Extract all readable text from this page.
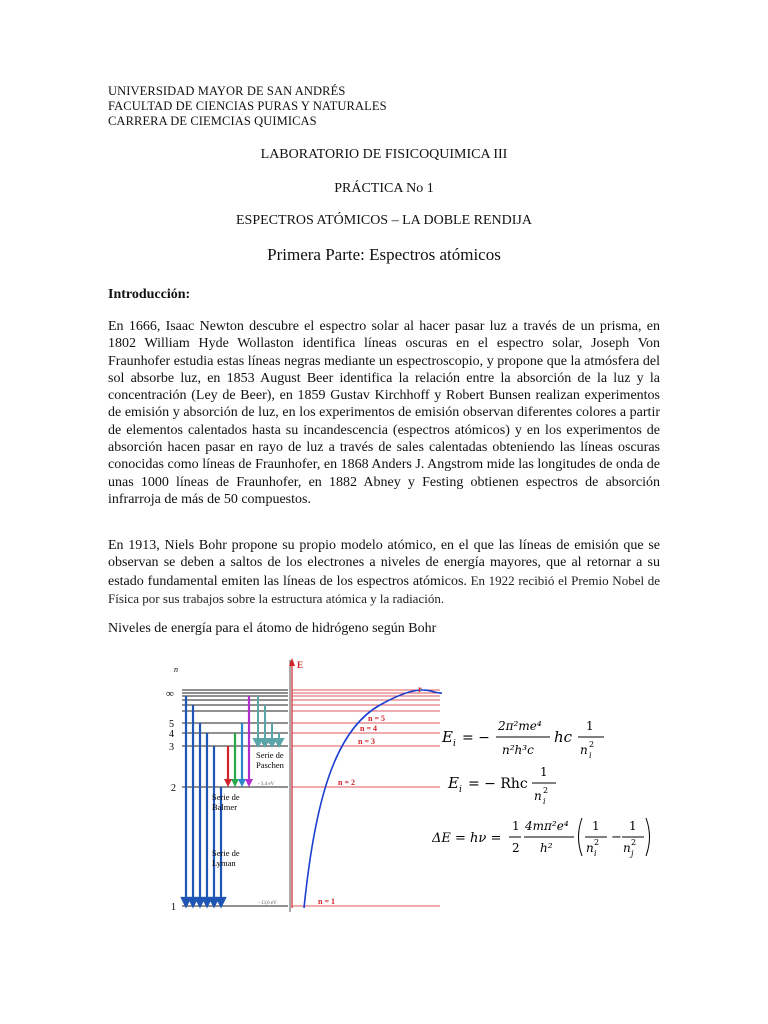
UNIVERSIDAD MAYOR DE SAN ANDRÉS
FACULTAD DE CIENCIAS PURAS Y NATURALES
CARRERA DE CIEMCIAS QUIMICAS
LABORATORIO DE FISICOQUIMICA III
PRÁCTICA No 1
ESPECTROS ATÓMICOS – LA DOBLE RENDIJA
Primera Parte: Espectros atómicos
Introducción:
En 1666, Isaac Newton descubre el espectro solar al hacer pasar luz a través de un prisma, en 1802 William Hyde Wollaston identifica líneas oscuras en el espectro solar, Joseph Von Fraunhofer estudia estas líneas negras mediante un espectroscopio, y propone que la atmósfera del sol absorbe luz, en 1853 August Beer identifica la relación entre la absorción de la luz y la concentración (Ley de Beer), en 1859 Gustav Kirchhoff y Robert Bunsen realizan experimentos de emisión y absorción de luz, en los experimentos de emisión observan diferentes colores a partir de elementos calentados hasta su incandescencia (espectros atómicos) y en los experimentos de absorción hacen pasar en rayo de luz a través de sales calentadas obteniendo las líneas oscuras conocidas como líneas de Fraunhofer, en 1868 Anders J. Angstrom mide las longitudes de onda de unas 1000 líneas de Fraunhofer, en 1882 Abney y Festing obtienen espectros de absorción infrarroja de más de 50 compuestos.
En 1913, Niels Bohr propone su propio modelo atómico, en el que las líneas de emisión que se observan se deben a saltos de los electrones a niveles de energía mayores, que al retornar a su estado fundamental emiten las líneas de los espectros atómicos. En 1922 recibió el Premio Nobel de Física por sus trabajos sobre la estructura atómica y la radiación.
Niveles de energía para el átomo de hidrógeno según Bohr
n
∞
5
4
3
2
1
- 3,4 eV
- 13,6 eV
Serie de
Paschen
Serie de
Balmer
Serie de
Lyman
E
r
n = 5
n = 4
n = 3
n = 2
n = 1
E i = −
2π²me⁴
n²h³c
hc
1
n i
2
E i = − Rhc
1
n i
2
ΔE = hν =
1
2
4mπ²e⁴
h²
1
n i
2 −
1
n j
2
